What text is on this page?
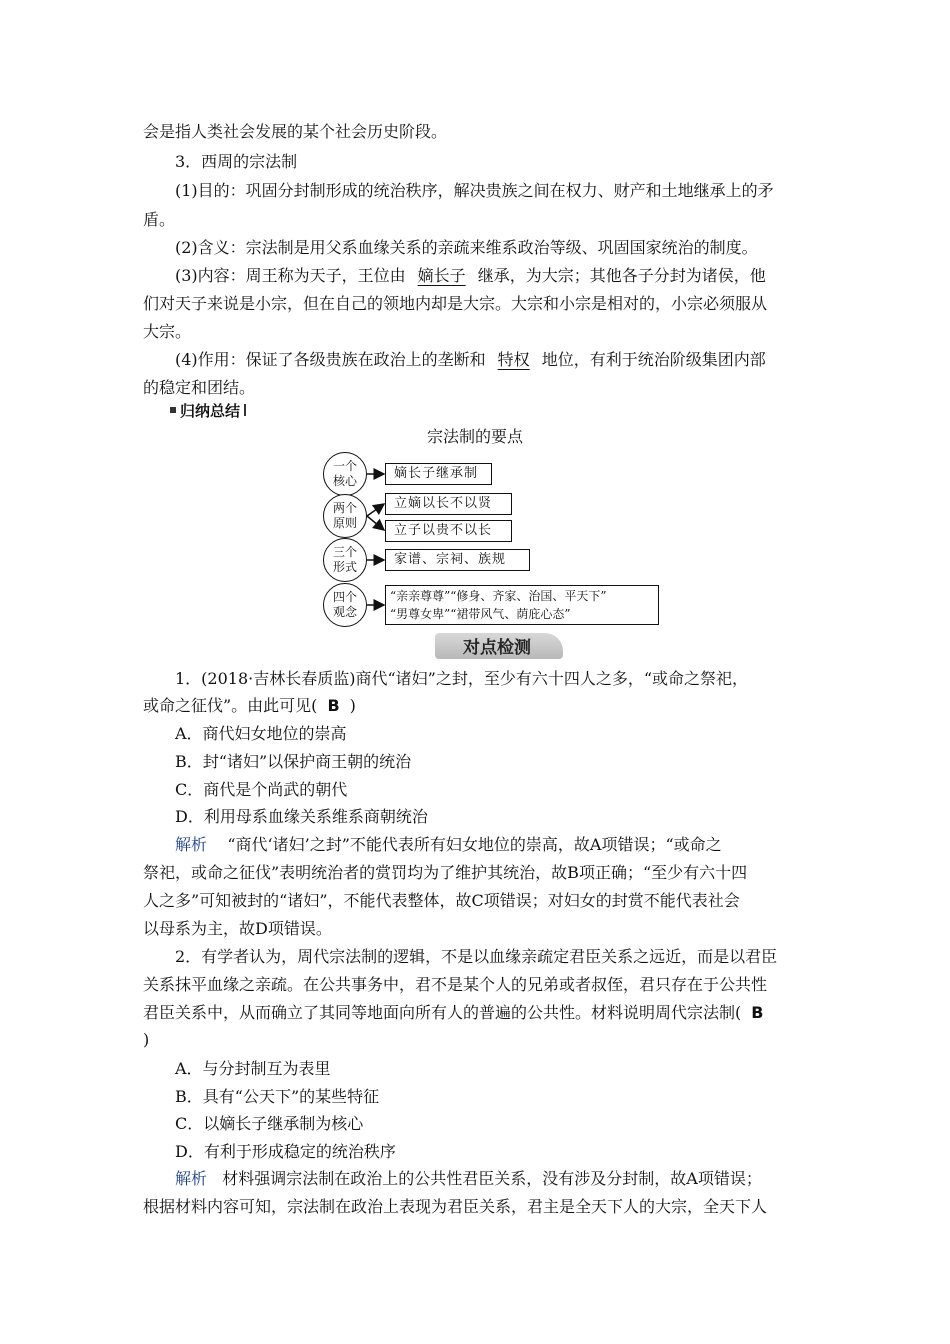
会是指人类社会发展的某个社会历史阶段。
3．西周的宗法制
(1)目的：巩固分封制形成的统治秩序，解决贵族之间在权力、财产和土地继承上的矛
盾。
(2)含义：宗法制是用父系血缘关系的亲疏来维系政治等级、巩固国家统治的制度。
(3)内容：周王称为天子，王位由 嫡长子 继承，为大宗；其他各子分封为诸侯，他
们对天子来说是小宗，但在自己的领地内却是大宗。大宗和小宗是相对的，小宗必须服从
大宗。
(4)作用：保证了各级贵族在政治上的垄断和 特权 地位，有利于统治阶级集团内部
的稳定和团结。
归纳总结
宗法制的要点
一个
核心
两个
原则
三个
形式
四个
观念
嫡长子继承制
立嫡以长不以贤
立子以贵不以长
家谱、宗祠、族规
“亲亲尊尊”“修身、齐家、治国、平天下”
“男尊女卑”“裙带风气、荫庇心态”
对点检测
1．(2018·吉林长春质监)商代“诸妇”之封，至少有六十四人之多，“或命之祭祀，
或命之征伐”。由此可见( B )
A．商代妇女地位的崇高
B．封“诸妇”以保护商王朝的统治
C．商代是个尚武的朝代
D．利用母系血缘关系维系商朝统治
解析 “商代‘诸妇’之封”不能代表所有妇女地位的崇高，故A项错误；“或命之
祭祀，或命之征伐”表明统治者的赏罚均为了维护其统治，故B项正确；“至少有六十四
人之多”可知被封的“诸妇”，不能代表整体，故C项错误；对妇女的封赏不能代表社会
以母系为主，故D项错误。
2．有学者认为，周代宗法制的逻辑，不是以血缘亲疏定君臣关系之远近，而是以君臣
关系抹平血缘之亲疏。在公共事务中，君不是某个人的兄弟或者叔侄，君只存在于公共性
君臣关系中，从而确立了其同等地面向所有人的普遍的公共性。材料说明周代宗法制( B
)
A．与分封制互为表里
B．具有“公天下”的某些特征
C．以嫡长子继承制为核心
D．有利于形成稳定的统治秩序
解析 材料强调宗法制在政治上的公共性君臣关系，没有涉及分封制，故A项错误；
根据材料内容可知，宗法制在政治上表现为君臣关系，君主是全天下人的大宗，全天下人
